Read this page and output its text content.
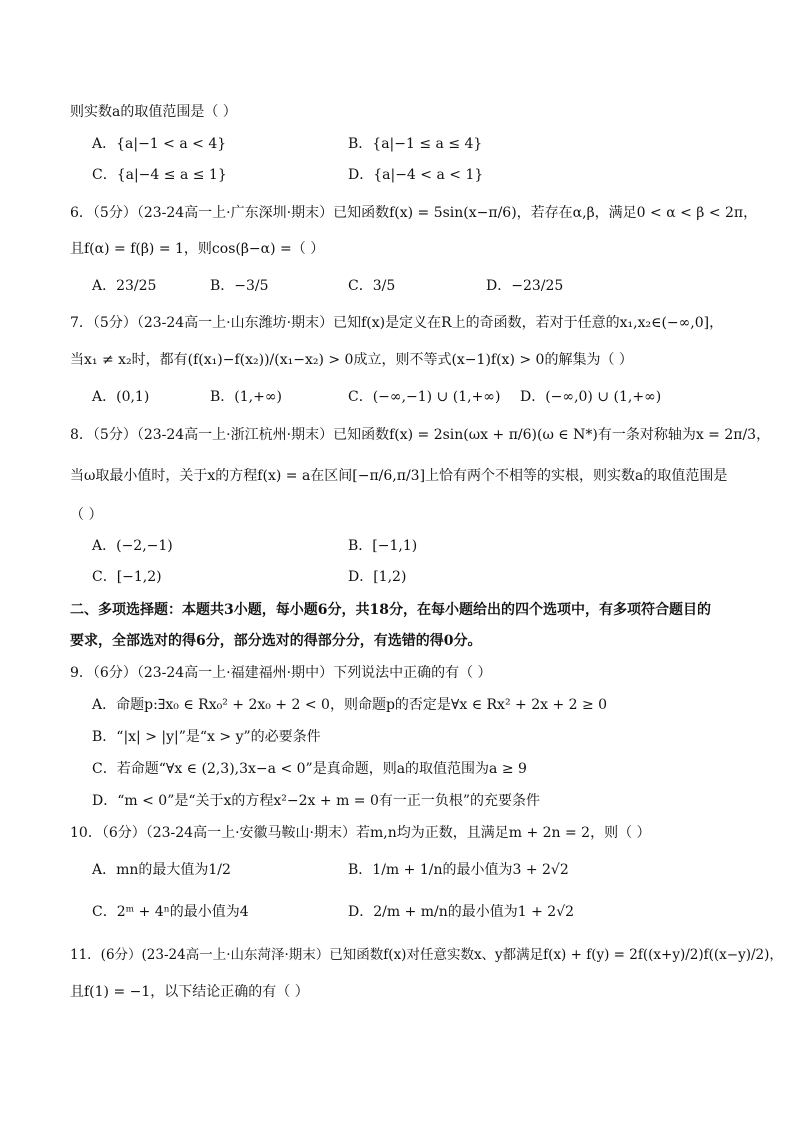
则实数a的取值范围是（ ）
A．{a|−1 < a < 4}	B．{a|−1 ≤ a ≤ 4}
C．{a|−4 ≤ a ≤ 1}	D．{a|−4 < a < 1}
6．（5分）（23-24高一上·广东深圳·期末）已知函数f(x) = 5sin(x−π/6)，若存在α,β，满足0 < α < β < 2π，
且f(α) = f(β) = 1，则cos(β−α) =（ ）
A．23/25	B．−3/5	C．3/5	D．−23/25
7．（5分）（23-24高一上·山东潍坊·期末）已知f(x)是定义在R上的奇函数，若对于任意的x₁,x₂∈(−∞,0]，
当x₁ ≠ x₂时，都有(f(x₁)−f(x₂))/(x₁−x₂) > 0成立，则不等式(x−1)f(x) > 0的解集为（ ）
A．(0,1)	B．(1,+∞)	C．(−∞,−1) ∪ (1,+∞) D．(−∞,0) ∪ (1,+∞)
8．（5分）（23-24高一上·浙江杭州·期末）已知函数f(x) = 2sin(ωx + π/6)(ω ∈ N*)有一条对称轴为x = 2π/3，
当ω取最小值时，关于x的方程f(x) = a在区间[−π/6,π/3]上恰有两个不相等的实根，则实数a的取值范围是
（ ）
A．(−2,−1)	B．[−1,1)
C．[−1,2)	D．[1,2)
二、多项选择题：本题共3小题，每小题6分，共18分，在每小题给出的四个选项中，有多项符合题目的
要求，全部选对的得6分，部分选对的得部分分，有选错的得0分。
9．（6分）（23-24高一上·福建福州·期中）下列说法中正确的有（ ）
A．命题p:∃x₀ ∈ Rx₀² + 2x₀ + 2 < 0，则命题p的否定是∀x ∈ Rx² + 2x + 2 ≥ 0
B．“|x| > |y|”是“x > y”的必要条件
C．若命题“∀x ∈ (2,3),3x−a < 0”是真命题，则a的取值范围为a ≥ 9
D．“m < 0”是“关于x的方程x²−2x + m = 0有一正一负根”的充要条件
10．（6分）（23-24高一上·安徽马鞍山·期末）若m,n均为正数，且满足m + 2n = 2，则（ ）
A．mn的最大值为1/2	B．1/m + 1/n的最小值为3 + 2√2
C．2ᵐ + 4ⁿ的最小值为4	D．2/m + m/n的最小值为1 + 2√2
11．(6分）(23-24高一上·山东菏泽·期末）已知函数f(x)对任意实数x、y都满足f(x) + f(y) = 2f((x+y)/2)f((x−y)/2)，
且f(1) = −1，以下结论正确的有（ ）
